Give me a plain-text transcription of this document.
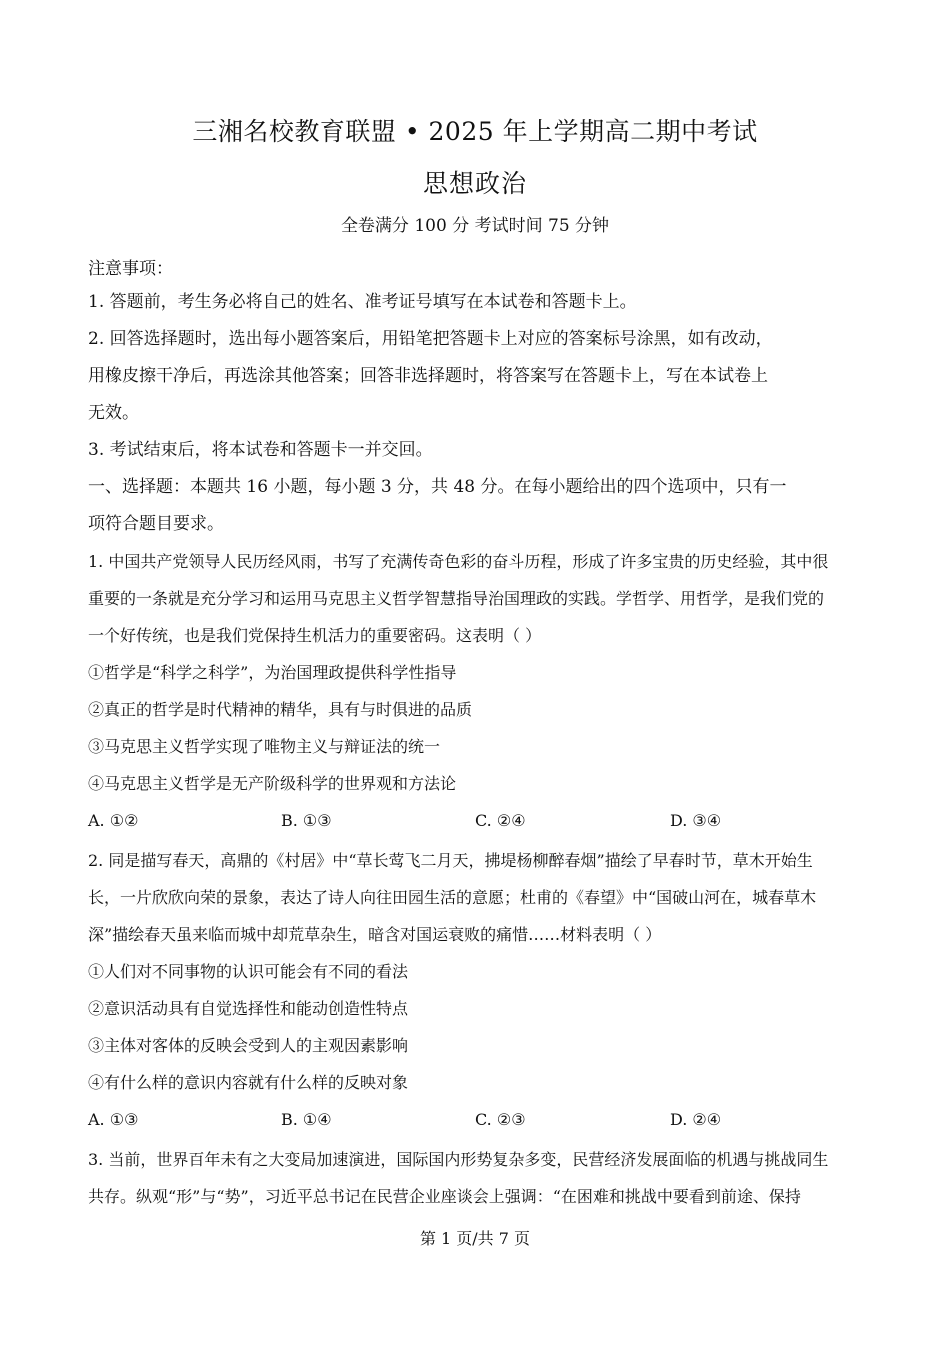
三湘名校教育联盟 • 2025 年上学期高二期中考试
思想政治
全卷满分 100 分 考试时间 75 分钟
注意事项：
1. 答题前，考生务必将自己的姓名、准考证号填写在本试卷和答题卡上。
2. 回答选择题时，选出每小题答案后，用铅笔把答题卡上对应的答案标号涂黑，如有改动，
用橡皮擦干净后，再选涂其他答案；回答非选择题时，将答案写在答题卡上，写在本试卷上
无效。
3. 考试结束后，将本试卷和答题卡一并交回。
一、选择题：本题共 16 小题，每小题 3 分，共 48 分。在每小题给出的四个选项中，只有一
项符合题目要求。
1. 中国共产党领导人民历经风雨，书写了充满传奇色彩的奋斗历程，形成了许多宝贵的历史经验，其中很
重要的一条就是充分学习和运用马克思主义哲学智慧指导治国理政的实践。学哲学、用哲学，是我们党的
一个好传统，也是我们党保持生机活力的重要密码。这表明（ ）
①哲学是“科学之科学”，为治国理政提供科学性指导
②真正的哲学是时代精神的精华，具有与时俱进的品质
③马克思主义哲学实现了唯物主义与辩证法的统一
④马克思主义哲学是无产阶级科学的世界观和方法论
A. ①②	B. ①③	C. ②④	D. ③④
2. 同是描写春天，高鼎的《村居》中“草长莺飞二月天，拂堤杨柳醉春烟”描绘了早春时节，草木开始生
长，一片欣欣向荣的景象，表达了诗人向往田园生活的意愿；杜甫的《春望》中“国破山河在，城春草木
深”描绘春天虽来临而城中却荒草杂生，暗含对国运衰败的痛惜……材料表明（ ）
①人们对不同事物的认识可能会有不同的看法
②意识活动具有自觉选择性和能动创造性特点
③主体对客体的反映会受到人的主观因素影响
④有什么样的意识内容就有什么样的反映对象
A. ①③	B. ①④	C. ②③	D. ②④
3. 当前，世界百年未有之大变局加速演进，国际国内形势复杂多变，民营经济发展面临的机遇与挑战同生
共存。纵观“形”与“势”，习近平总书记在民营企业座谈会上强调：“在困难和挑战中要看到前途、保持
第 1 页/共 7 页
